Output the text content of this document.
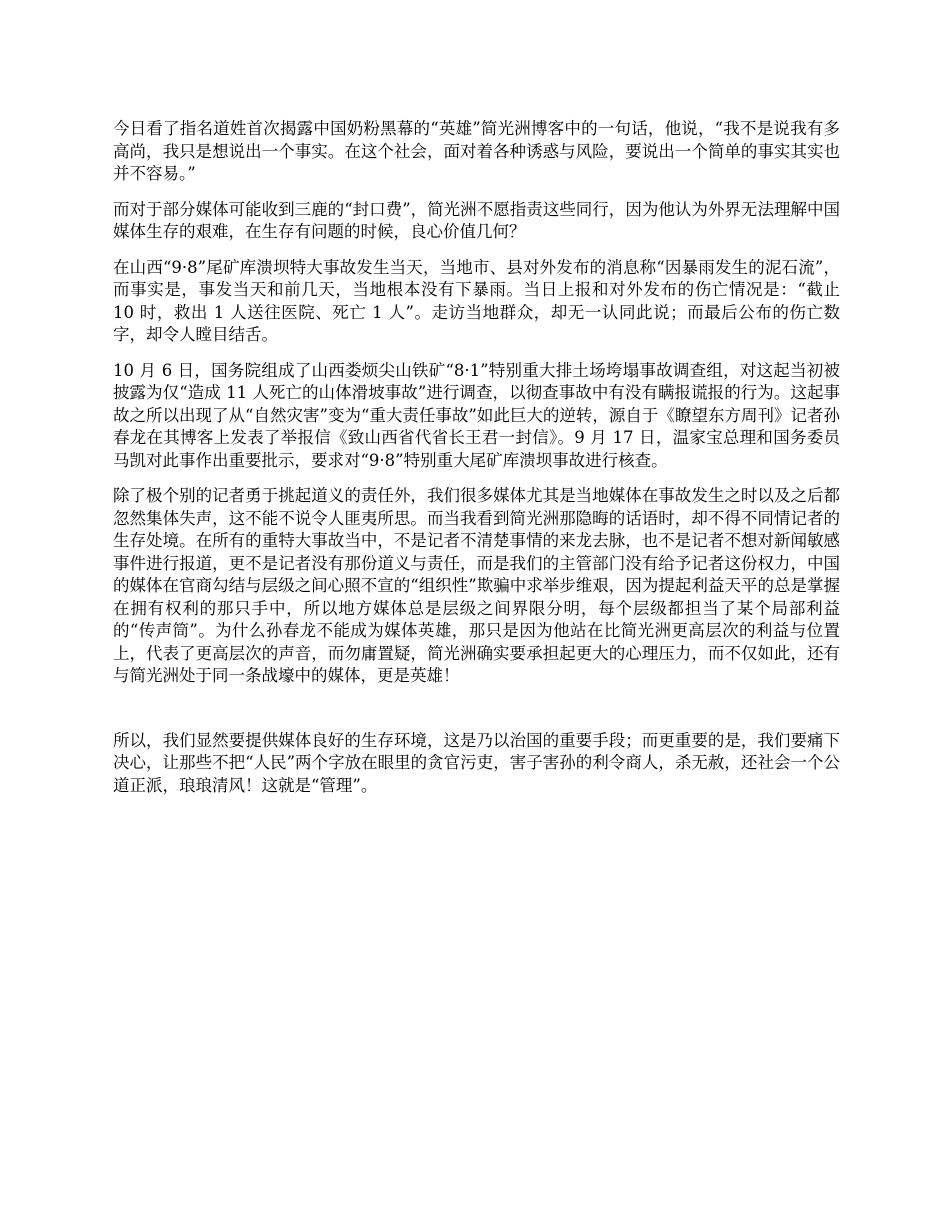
今日看了指名道姓首次揭露中国奶粉黑幕的“英雄”简光洲博客中的一句话，他说，“我不是说我有多高尚，我只是想说出一个事实。在这个社会，面对着各种诱惑与风险，要说出一个简单的事实其实也并不容易。”

而对于部分媒体可能收到三鹿的“封口费”，简光洲不愿指责这些同行，因为他认为外界无法理解中国媒体生存的艰难，在生存有问题的时候，良心价值几何？

在山西“9·8”尾矿库溃坝特大事故发生当天，当地市、县对外发布的消息称“因暴雨发生的泥石流”，而事实是，事发当天和前几天，当地根本没有下暴雨。当日上报和对外发布的伤亡情况是：“截止 10 时，救出 1 人送往医院、死亡 1 人”。走访当地群众，却无一认同此说；而最后公布的伤亡数字，却令人瞠目结舌。

10 月 6 日，国务院组成了山西娄烦尖山铁矿“8·1”特别重大排土场垮塌事故调查组，对这起当初被披露为仅“造成 11 人死亡的山体滑坡事故”进行调查，以彻查事故中有没有瞒报谎报的行为。这起事故之所以出现了从“自然灾害”变为“重大责任事故”如此巨大的逆转，源自于《瞭望东方周刊》记者孙春龙在其博客上发表了举报信《致山西省代省长王君一封信》。9 月 17 日，温家宝总理和国务委员马凯对此事作出重要批示，要求对“9·8”特别重大尾矿库溃坝事故进行核查。

除了极个别的记者勇于挑起道义的责任外，我们很多媒体尤其是当地媒体在事故发生之时以及之后都忽然集体失声，这不能不说令人匪夷所思。而当我看到简光洲那隐晦的话语时，却不得不同情记者的生存处境。在所有的重特大事故当中，不是记者不清楚事情的来龙去脉，也不是记者不想对新闻敏感事件进行报道，更不是记者没有那份道义与责任，而是我们的主管部门没有给予记者这份权力，中国的媒体在官商勾结与层级之间心照不宣的“组织性”欺骗中求举步维艰，因为提起利益天平的总是掌握在拥有权利的那只手中，所以地方媒体总是层级之间界限分明，每个层级都担当了某个局部利益的“传声筒”。为什么孙春龙不能成为媒体英雄，那只是因为他站在比简光洲更高层次的利益与位置上，代表了更高层次的声音，而勿庸置疑，简光洲确实要承担起更大的心理压力，而不仅如此，还有与简光洲处于同一条战壕中的媒体，更是英雄！

所以，我们显然要提供媒体良好的生存环境，这是乃以治国的重要手段；而更重要的是，我们要痛下决心，让那些不把“人民”两个字放在眼里的贪官污吏，害子害孙的利令商人，杀无赦，还社会一个公道正派，琅琅清风！这就是“管理”。
